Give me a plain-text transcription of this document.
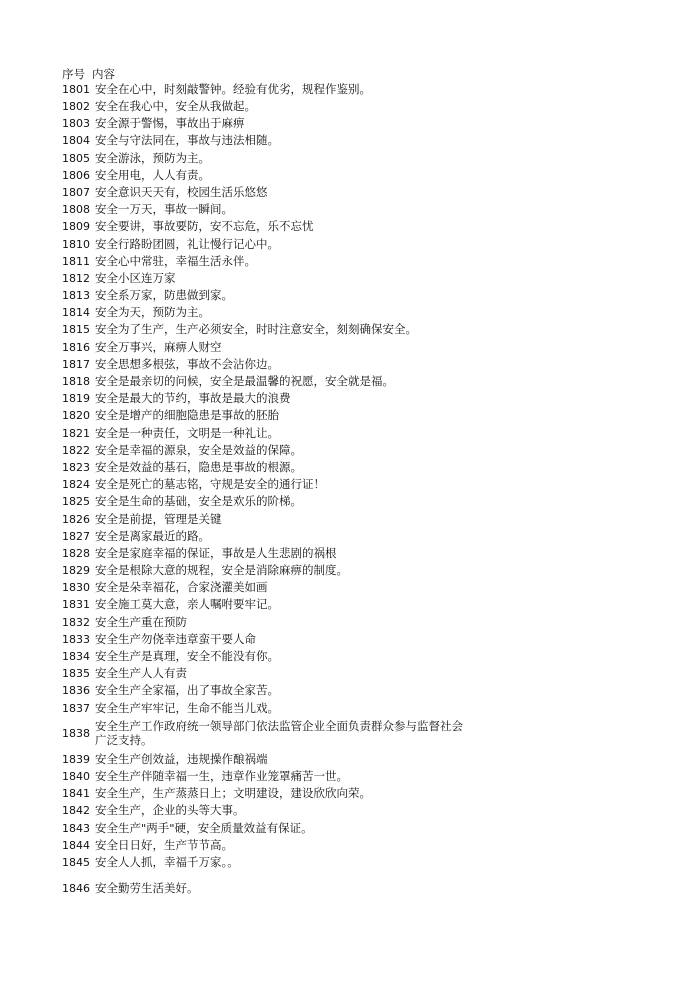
序号 内容
1801 安全在心中，时刻敲警钟。经验有优劣，规程作鉴别。
1802 安全在我心中，安全从我做起。
1803 安全源于警惕，事故出于麻痹
1804 安全与守法同在，事故与违法相随。
1805 安全游泳，预防为主。
1806 安全用电，人人有责。
1807 安全意识天天有，校园生活乐悠悠
1808 安全一万天，事故一瞬间。
1809 安全要讲，事故要防，安不忘危，乐不忘忧
1810 安全行路盼团圆，礼让慢行记心中。
1811 安全心中常驻，幸福生活永伴。
1812 安全小区连万家
1813 安全系万家，防患做到家。
1814 安全为天，预防为主。
1815 安全为了生产，生产必须安全，时时注意安全，刻刻确保安全。
1816 安全万事兴，麻痹人财空
1817 安全思想多根弦，事故不会沾你边。
1818 安全是最亲切的问候，安全是最温馨的祝愿，安全就是福。
1819 安全是最大的节约，事故是最大的浪费
1820 安全是增产的细胞隐患是事故的胚胎
1821 安全是一种责任，文明是一种礼让。
1822 安全是幸福的源泉，安全是效益的保障。
1823 安全是效益的基石，隐患是事故的根源。
1824 安全是死亡的墓志铭，守规是安全的通行证！
1825 安全是生命的基础，安全是欢乐的阶梯。
1826 安全是前提，管理是关键
1827 安全是离家最近的路。
1828 安全是家庭幸福的保证，事故是人生悲剧的祸根
1829 安全是根除大意的规程，安全是消除麻痹的制度。
1830 安全是朵幸福花，合家浇灌美如画
1831 安全施工莫大意，亲人嘱咐要牢记。
1832 安全生产重在预防
1833 安全生产勿侥幸违章蛮干要人命
1834 安全生产是真理，安全不能没有你。
1835 安全生产人人有责
1836 安全生产全家福，出了事故全家苦。
1837 安全生产牢牢记，生命不能当儿戏。
1838
安全生产工作政府统一领导部门依法监管企业全面负责群众参与监督社会广泛支持。
1839 安全生产创效益，违规操作酿祸端
1840 安全生产伴随幸福一生，违章作业笼罩痛苦一世。
1841 安全生产，生产蒸蒸日上；文明建设，建设欣欣向荣。
1842 安全生产，企业的头等大事。
1843 安全生产"两手"硬，安全质量效益有保证。
1844 安全日日好，生产节节高。
1845 安全人人抓，幸福千万家。。
1846 安全勤劳生活美好。
